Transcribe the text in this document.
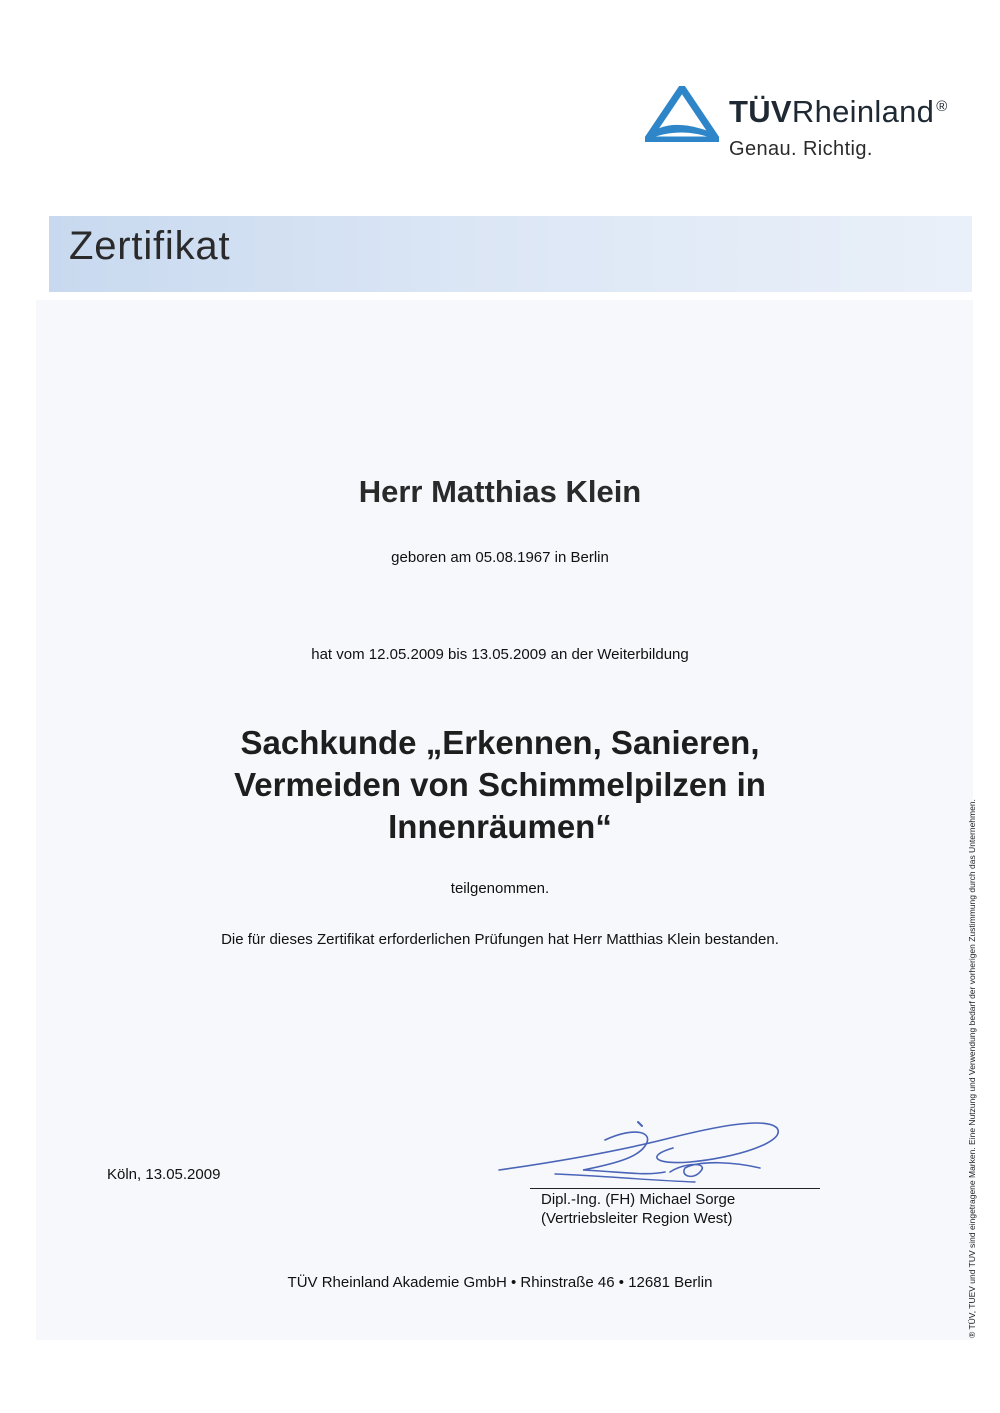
TÜVRheinland ®
Genau. Richtig.
Zertifikat
Herr Matthias Klein
geboren am 05.08.1967 in Berlin
hat vom 12.05.2009 bis 13.05.2009 an der Weiterbildung
Sachkunde „Erkennen, Sanieren,
Vermeiden von Schimmelpilzen in
Innenräumen“
teilgenommen.
Die für dieses Zertifikat erforderlichen Prüfungen hat Herr Matthias Klein bestanden.
Köln, 13.05.2009
Dipl.-Ing. (FH) Michael Sorge
(Vertriebsleiter Region West)
TÜV Rheinland Akademie GmbH • Rhinstraße 46 • 12681 Berlin	® TÜV, TUEV und TUV sind eingetragene Marken. Eine Nutzung und Verwendung bedarf der vorherigen Zustimmung durch das Unternehmen.
